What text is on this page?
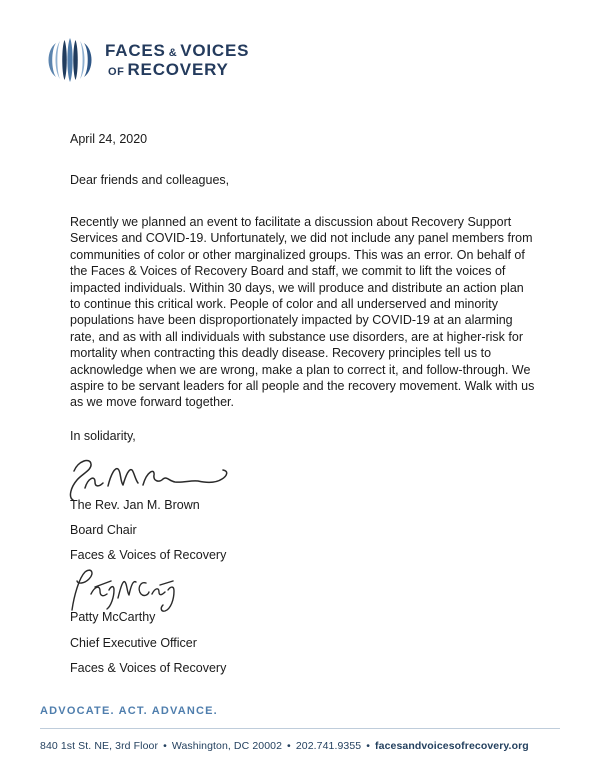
FACES & VOICES
OF RECOVERY
April 24, 2020
Dear friends and colleagues,
Recently we planned an event to facilitate a discussion about Recovery Support Services and COVID-19. Unfortunately, we did not include any panel members from communities of color or other marginalized groups. This was an error. On behalf of the Faces & Voices of Recovery Board and staff, we commit to lift the voices of impacted individuals. Within 30 days, we will produce and distribute an action plan to continue this critical work. People of color and all underserved and minority populations have been disproportionately impacted by COVID-19 at an alarming rate, and as with all individuals with substance use disorders, are at higher-risk for mortality when contracting this deadly disease. Recovery principles tell us to acknowledge when we are wrong, make a plan to correct it, and follow-through. We aspire to be servant leaders for all people and the recovery movement. Walk with us as we move forward together.
In solidarity,
The Rev. Jan M. Brown
Board Chair
Faces & Voices of Recovery
Patty McCarthy
Chief Executive Officer
Faces & Voices of Recovery
ADVOCATE. ACT. ADVANCE.
840 1st St. NE, 3rd Floor • Washington, DC 20002 • 202.741.9355 • facesandvoicesofrecovery.org
